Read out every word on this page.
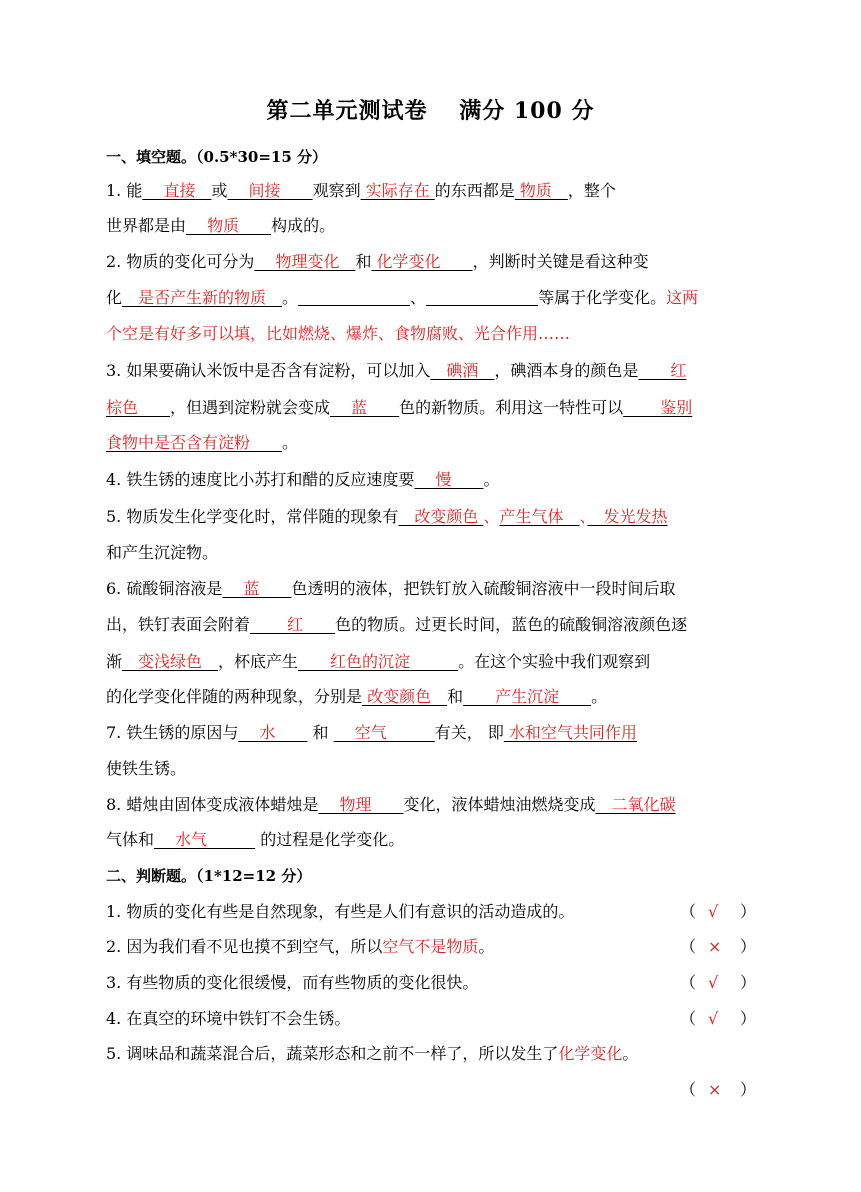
第二单元测试卷　 满分 100 分
一、填空题。（0.5*30=15 分）
1. 能　 直接　或　 间接　　观察到 实际存在 的东西都是 物质　，整个
世界都是由　 物质　　构成的。
2. 物质的变化可分为　 物理变化　和 化学变化　　，判断时关键是看这种变
化　是否产生新的物质　。	、	等属于化学变化。这两
个空是有好多可以填，比如燃烧、爆炸、食物腐败、光合作用……
3. 如果要确认米饭中是否含有淀粉，可以加入　碘酒　，碘酒本身的颜色是　　红
棕色　　，但遇到淀粉就会变成　 蓝　　色的新物质。利用这一特性可以　　 鉴别
食物中是否含有淀粉　　。
4. 铁生锈的速度比小苏打和醋的反应速度要　 慢　　。
5. 物质发生化学变化时，常伴随的现象有　改变颜色 、产生气体　、　发光发热
和产生沉淀物。
6. 硫酸铜溶液是　 蓝　　色透明的液体，把铁钉放入硫酸铜溶液中一段时间后取
出，铁钉表面会附着　　 红　　色的物质。过更长时间，蓝色的硫酸铜溶液颜色逐
渐　变浅绿色　，杯底产生　　红色的沉淀　　　。在这个实验中我们观察到
的化学变化伴随的两种现象，分别是 改变颜色　和　　产生沉淀　　。
7. 铁生锈的原因与　 水　　 和 　 空气　　　有关， 即 水和空气共同作用
使铁生锈。
8. 蜡烛由固体变成液体蜡烛是　 物理　　变化，液体蜡烛油燃烧变成　二氧化碳
气体和　 水气　　　 的过程是化学变化。
二、判断题。（1*12=12 分）
1. 物质的变化有些是自然现象，有些是人们有意识的活动造成的。	（ √ ）
2. 因为我们看不见也摸不到空气，所以空气不是物质。	（ × ）
3. 有些物质的变化很缓慢，而有些物质的变化很快。	（ √ ）
4. 在真空的环境中铁钉不会生锈。	（ √ ）
5. 调味品和蔬菜混合后，蔬菜形态和之前不一样了，所以发生了化学变化。
（ × ）
